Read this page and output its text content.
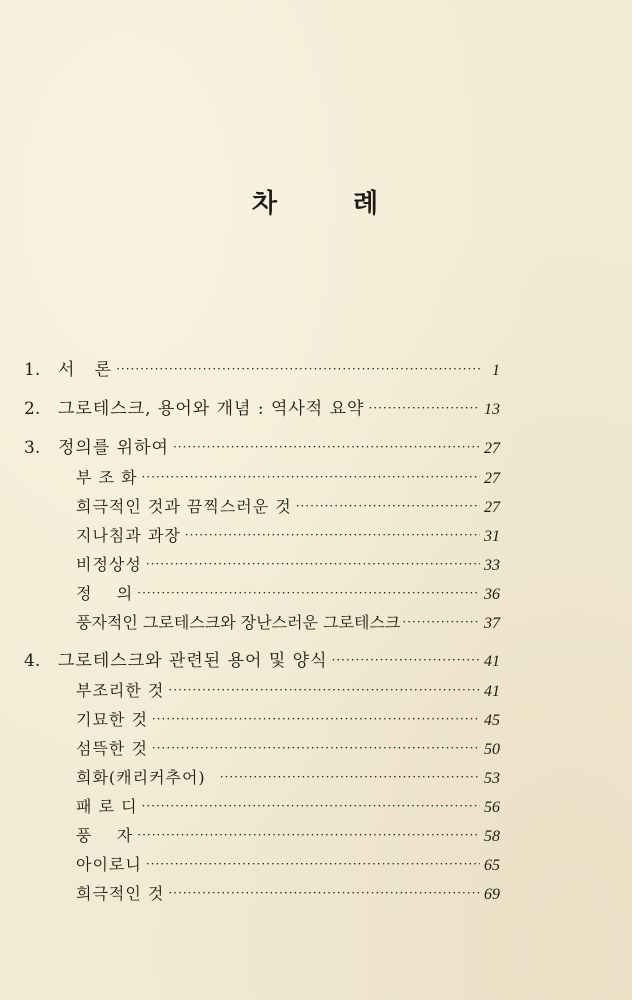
차	례
1.	서   론 ·····	1
2.	그로테스크, 용어와 개념 : 역사적 요약 ·····	13
3.	정의를 위하여 ·····	27
부 조 화 ·····	27
희극적인 것과 끔찍스러운 것 ·····	27
지나침과 과장 ·····	31
비정상성 ·····	33
정    의 ·····	36
풍자적인 그로테스크와 장난스러운 그로테스크 ·····	37
4.	그로테스크와 관련된 용어 및 양식 ·····	41
부조리한 것 ·····	41
기묘한 것 ·····	45
섬뜩한 것 ·····	50
희화(캐리커추어) ·····	53
패 로 디 ·····	56
풍    자 ·····	58
아이로니 ·····	65
희극적인 것 ·····	69
